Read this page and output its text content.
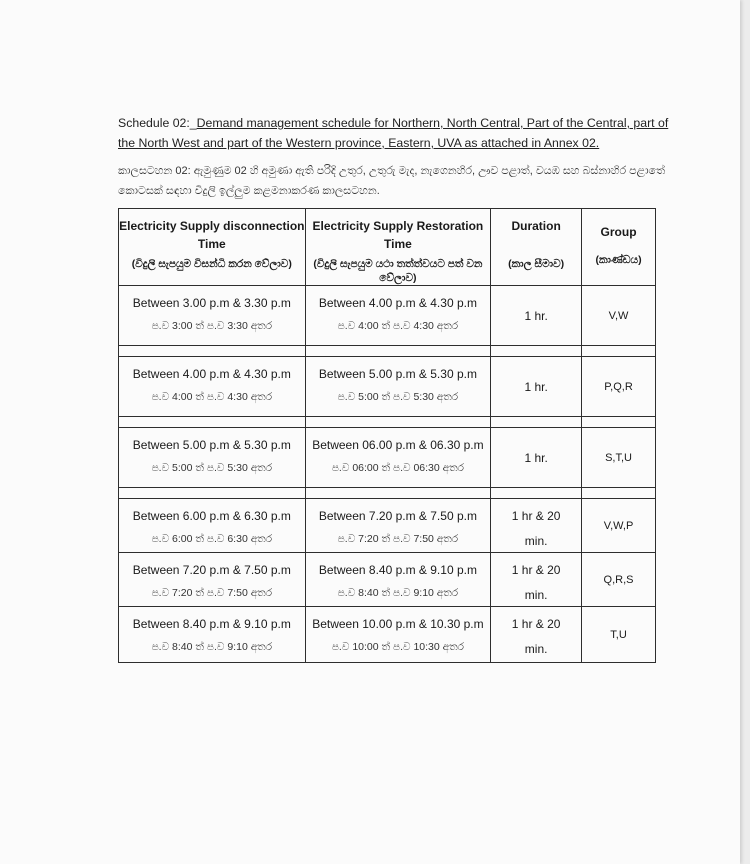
Schedule 02:_Demand management schedule for Northern, North Central, Part of the Central, part of the North West and part of the Western province, Eastern, UVA as attached in Annex 02.
කාලසටහන 02: ඇමුණුම 02 හි අමුණා ඇති පරිදි උතුර, උතුරු මැද, නැගෙනහිර, ඌව පළාත්, වයඹ සහ බස්නාහිර පළාතේ කොටසක් සඳහා විදුලි ඉල්ලුම කළමනාකරණ කාලසටහන.
Electricity Supply disconnection Time
(විදුලි සැපයුම විසන්ධි කරන වේලාව)	Electricity Supply Restoration Time
(විදුලි සැපයුම යථා තත්ත්වයට පත් වන වේලාව)	Duration
(කාල සීමාව)	Group
(කාණ්ඩය)

Between 3.00 p.m & 3.30 p.m
ප.ව 3:00 ත් ප.ව 3:30 අතර	Between 4.00 p.m & 4.30 p.m
ප.ව 4:00 ත් ප.ව 4:30 අතර	1 hr.	V,W

Between 4.00 p.m & 4.30 p.m
ප.ව 4:00 ත් ප.ව 4:30 අතර	Between 5.00 p.m & 5.30 p.m
ප.ව 5:00 ත් ප.ව 5:30 අතර	1 hr.	P,Q,R

Between 5.00 p.m & 5.30 p.m
ප.ව 5:00 ත් ප.ව 5:30 අතර	Between 06.00 p.m & 06.30 p.m
ප.ව 06:00 ත් ප.ව 06:30 අතර	1 hr.	S,T,U

Between 6.00 p.m & 6.30 p.m
ප.ව 6:00 ත් ප.ව 6:30 අතර	Between 7.20 p.m & 7.50 p.m
ප.ව 7:20 ත් ප.ව 7:50 අතර	1 hr & 20
min.	V,W,P

Between 7.20 p.m & 7.50 p.m
ප.ව 7:20 ත් ප.ව 7:50 අතර	Between 8.40 p.m & 9.10 p.m
ප.ව 8:40 ත් ප.ව 9:10 අතර	1 hr & 20
min.	Q,R,S

Between 8.40 p.m & 9.10 p.m
ප.ව 8:40 ත් ප.ව 9:10 අතර	Between 10.00 p.m & 10.30 p.m
ප.ව 10:00 ත් ප.ව 10:30 අතර	1 hr & 20
min.	T,U
